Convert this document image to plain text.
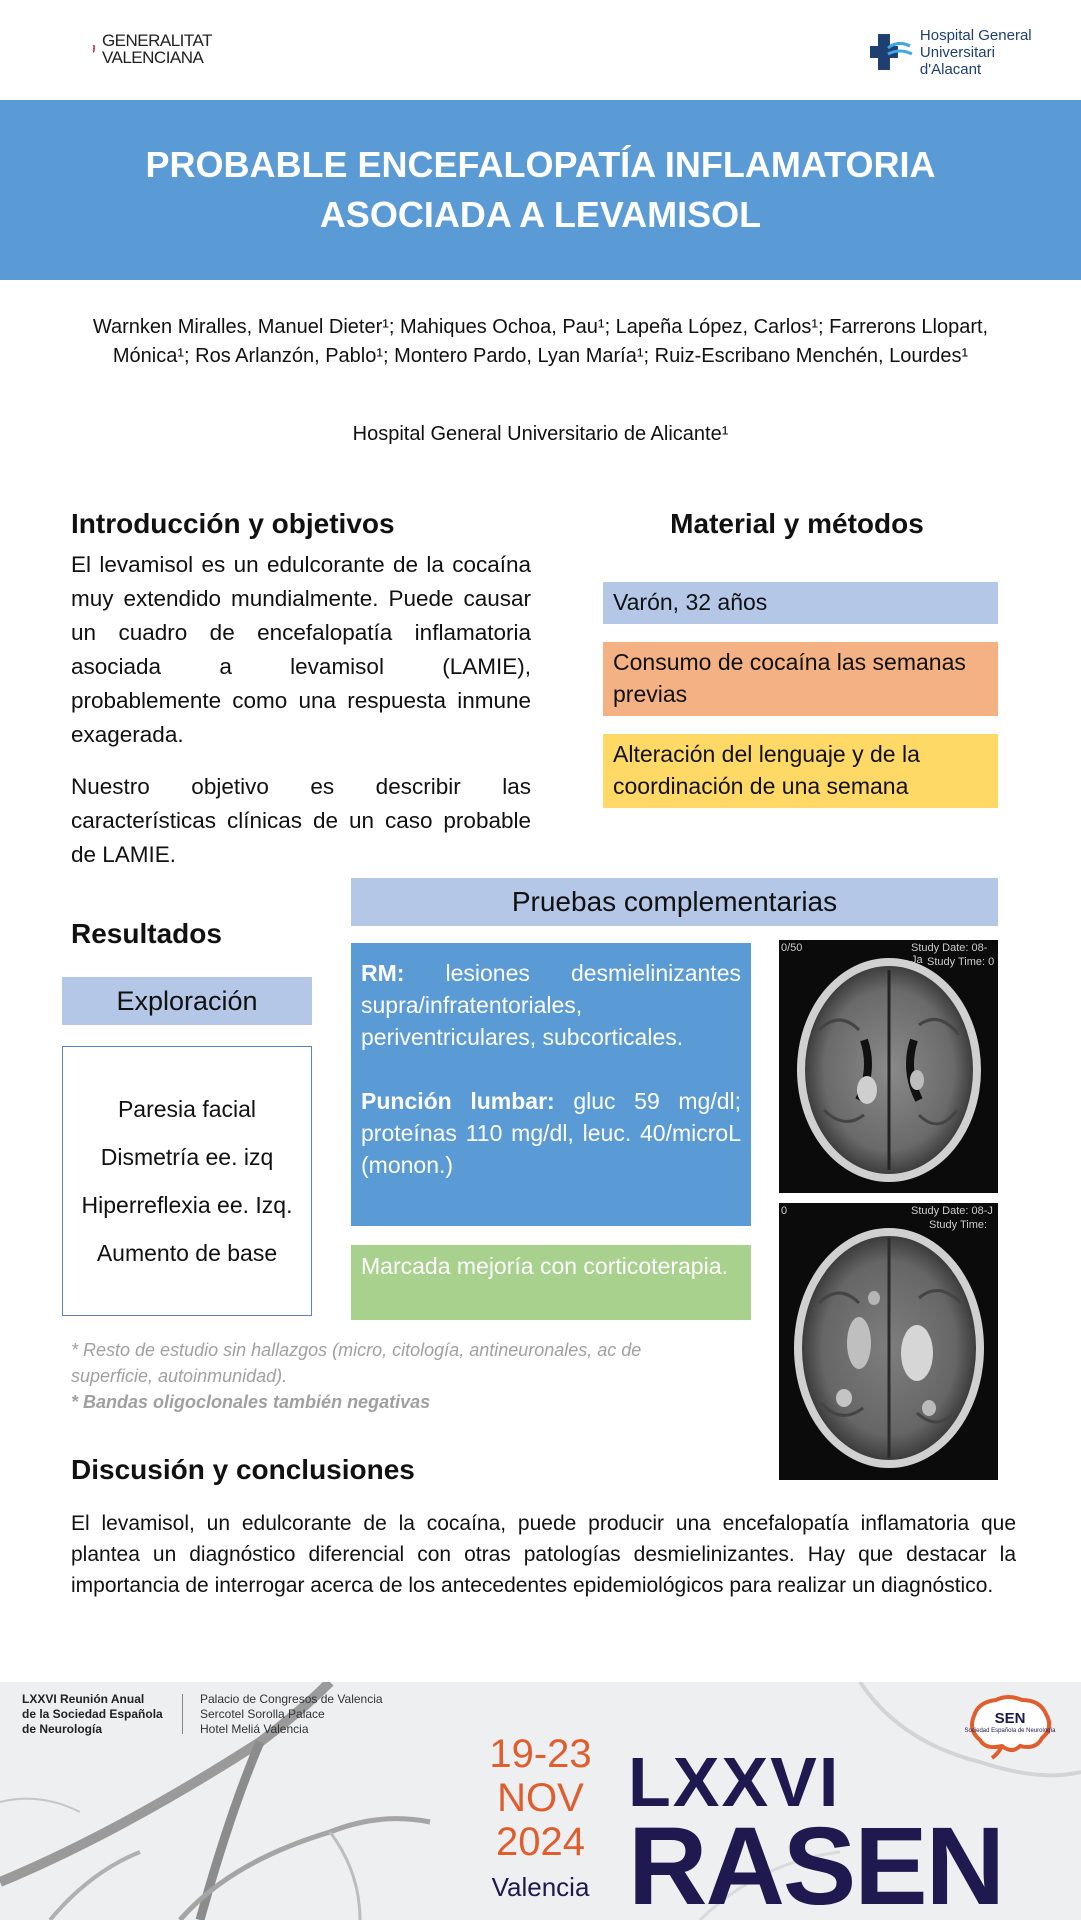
GENERALITAT
VALENCIANA
Hospital General
Universitari d'Alacant
PROBABLE ENCEFALOPATÍA INFLAMATORIA
ASOCIADA A LEVAMISOL
Warnken Miralles, Manuel Dieter¹; Mahiques Ochoa, Pau¹; Lapeña López, Carlos¹; Farrerons Llopart, Mónica¹; Ros Arlanzón, Pablo¹; Montero Pardo, Lyan María¹; Ruiz-Escribano Menchén, Lourdes¹
Hospital General Universitario de Alicante¹
Introducción y objetivos

El levamisol es un edulcorante de la cocaína muy extendido mundialmente. Puede causar un cuadro de encefalopatía inflamatoria asociada a levamisol (LAMIE), probablemente como una respuesta inmune exagerada.

Nuestro objetivo es describir las características clínicas de un caso probable de LAMIE.

Material y métodos
Varón, 32 años
Consumo de cocaína las semanas previas
Alteración del lenguaje y de la coordinación de una semana
Pruebas complementarias
Resultados
Exploración
Paresia facial
Dismetría ee. izq
Hiperreflexia ee. Izq.
Aumento de base

RM: lesiones desmielinizantes supra/infratentoriales, periventriculares, subcorticales.

Punción lumbar: gluc 59 mg/dl; proteínas 110 mg/dl, leuc. 40/microL (monon.)

Marcada mejoría con corticoterapia.
0/50	Study Date: 08-Ja Study Time: 0
0	Study Date: 08-J
Study Time:
* Resto de estudio sin hallazgos (micro, citología, antineuronales, ac de superficie, autoinmunidad).
* Bandas oligoclonales también negativas
Discusión y conclusiones
El levamisol, un edulcorante de la cocaína, puede producir una encefalopatía inflamatoria que plantea un diagnóstico diferencial con otras patologías desmielinizantes. Hay que destacar la importancia de interrogar acerca de los antecedentes epidemiológicos para realizar un diagnóstico.
LXXVI Reunión Anual
de la Sociedad Española
de Neurología
Palacio de Congresos de Valencia
Sercotel Sorolla Palace
Hotel Meliá Valencia
19-23
NOV
2024
Valencia
LXXVI
RASEN
SEN
Sociedad Española de Neurología
